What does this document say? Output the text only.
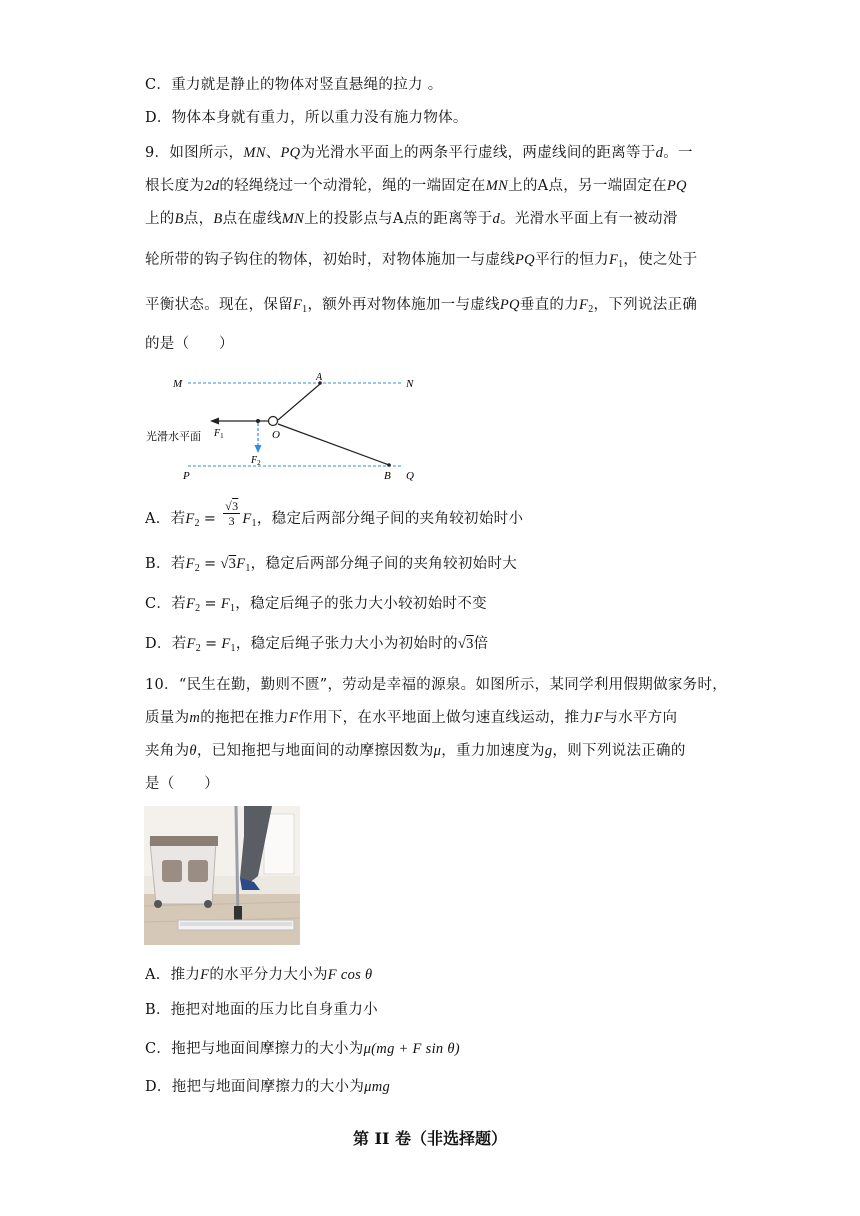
C．重力就是静止的物体对竖直悬绳的拉力 。
D．物体本身就有重力，所以重力没有施力物体。
9．如图所示，MN、PQ为光滑水平面上的两条平行虚线，两虚线间的距离等于d。一
根长度为2d的轻绳绕过一个动滑轮，绳的一端固定在MN上的A点，另一端固定在PQ
上的B点，B点在虚线MN上的投影点与A点的距离等于d。光滑水平面上有一被动滑
轮所带的钩子钩住的物体，初始时，对物体施加一与虚线PQ平行的恒力$F_1$，使之处于
平衡状态。现在，保留$F_1$，额外再对物体施加一与虚线PQ垂直的力$F_2$，下列说法正确
的是（　　）
M	N
A
O
P	Q
B
$F_1$
$F_2$
光滑水平面
A．若$F_2 = \frac{√3}{3} F_1$，稳定后两部分绳子间的夹角较初始时小
B．若$F_2 = √3F_1$，稳定后两部分绳子间的夹角较初始时大
C．若$F_2 = F_1$，稳定后绳子的张力大小较初始时不变
D．若$F_2 = F_1$，稳定后绳子张力大小为初始时的√3倍
10．“民生在勤，勤则不匮”，劳动是幸福的源泉。如图所示，某同学利用假期做家务时，
质量为m的拖把在推力F作用下，在水平地面上做匀速直线运动，推力F与水平方向
夹角为θ，已知拖把与地面间的动摩擦因数为μ，重力加速度为g，则下列说法正确的
是（　　）
A．推力F的水平分力大小为F cos θ
B．拖把对地面的压力比自身重力小
C．拖把与地面间摩擦力的大小为μ(mg + F sin θ)
D．拖把与地面间摩擦力的大小为μmg
第 II 卷（非选择题）
